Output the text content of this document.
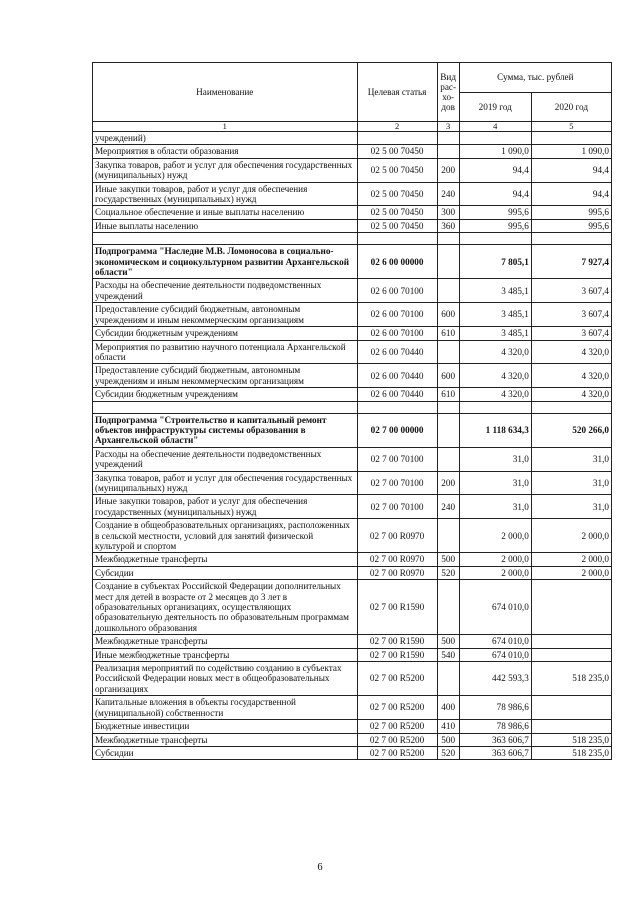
Наименование	Целевая статья	Вид рас-хо-дов	Сумма, тыс. рублей	
			2019 год	2020 год
1	2	3	4	5
учреждений)				
Мероприятия в области образования	02 5 00 70450		1 090,0	1 090,0
Закупка товаров, работ и услуг для обеспечения государственных (муниципальных) нужд	02 5 00 70450	200	94,4	94,4
Иные закупки товаров, работ и услуг для обеспечения государственных (муниципальных) нужд	02 5 00 70450	240	94,4	94,4
Социальное обеспечение и иные выплаты населению	02 5 00 70450	300	995,6	995,6
Иные выплаты населению	02 5 00 70450	360	995,6	995,6

Подпрограмма "Наследие М.В. Ломоносова в социально-экономическом и социокультурном развитии Архангельской области"	02 6 00 00000		7 805,1	7 927,4
Расходы на обеспечение деятельности подведомственных учреждений	02 6 00 70100		3 485,1	3 607,4
Предоставление субсидий бюджетным, автономным учреждениям и иным некоммерческим организациям	02 6 00 70100	600	3 485,1	3 607,4
Субсидии бюджетным учреждениям	02 6 00 70100	610	3 485,1	3 607,4
Мероприятия по развитию научного потенциала Архангельской области	02 6 00 70440		4 320,0	4 320,0
Предоставление субсидий бюджетным, автономным учреждениям и иным некоммерческим организациям	02 6 00 70440	600	4 320,0	4 320,0
Субсидии бюджетным учреждениям	02 6 00 70440	610	4 320,0	4 320,0

Подпрограмма "Строительство и капитальный ремонт объектов инфраструктуры системы образования в Архангельской области"	02 7 00 00000		1 118 634,3	520 266,0
Расходы на обеспечение деятельности подведомственных учреждений	02 7 00 70100		31,0	31,0
Закупка товаров, работ и услуг для обеспечения государственных (муниципальных) нужд	02 7 00 70100	200	31,0	31,0
Иные закупки товаров, работ и услуг для обеспечения государственных (муниципальных) нужд	02 7 00 70100	240	31,0	31,0
Создание в общеобразовательных организациях, расположенных в сельской местности, условий для занятий физической культурой и спортом	02 7 00 R0970		2 000,0	2 000,0
Межбюджетные трансферты	02 7 00 R0970	500	2 000,0	2 000,0
Субсидии	02 7 00 R0970	520	2 000,0	2 000,0
Создание в субъектах Российской Федерации дополнительных мест для детей в возрасте от 2 месяцев до 3 лет в образовательных организациях, осуществляющих образовательную деятельность по образовательным программам дошкольного образования	02 7 00 R1590		674 010,0	
Межбюджетные трансферты	02 7 00 R1590	500	674 010,0	
Иные межбюджетные трансферты	02 7 00 R1590	540	674 010,0	
Реализация мероприятий по содействию созданию в субъектах Российской Федерации новых мест в общеобразовательных организациях	02 7 00 R5200		442 593,3	518 235,0
Капитальные вложения в объекты государственной (муниципальной) собственности	02 7 00 R5200	400	78 986,6	
Бюджетные инвестиции	02 7 00 R5200	410	78 986,6	
Межбюджетные трансферты	02 7 00 R5200	500	363 606,7	518 235,0
Субсидии	02 7 00 R5200	520	363 606,7	518 235,0
6
